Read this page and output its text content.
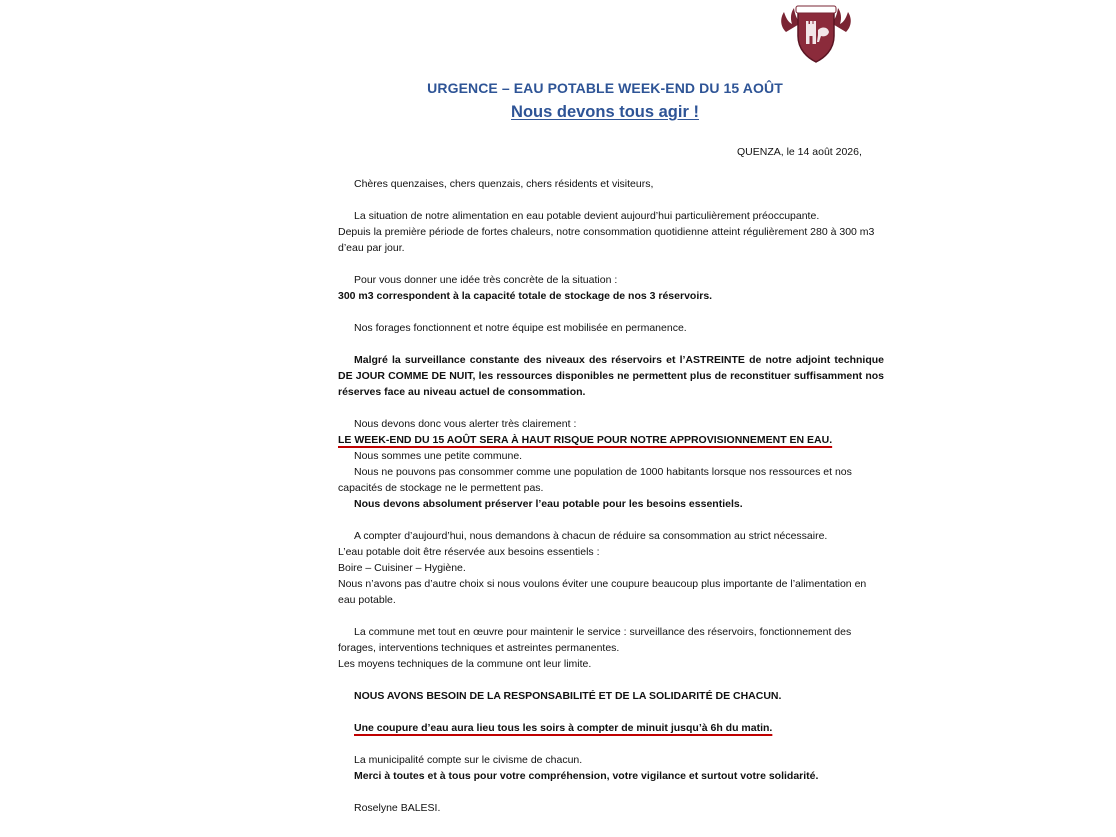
URGENCE – EAU POTABLE WEEK-END DU 15 AOÛT
Nous devons tous agir !
QUENZA, le 14 août 2026,

Chères quenzaises, chers quenzais, chers résidents et visiteurs,

La situation de notre alimentation en eau potable devient aujourd’hui particulièrement préoccupante.

Depuis la première période de fortes chaleurs, notre consommation quotidienne atteint régulièrement 280 à 300 m3 d’eau par jour.

Pour vous donner une idée très concrète de la situation :

300 m3 correspondent à la capacité totale de stockage de nos 3 réservoirs.

Nos forages fonctionnent et notre équipe est mobilisée en permanence.

Malgré la surveillance constante des niveaux des réservoirs et l’ASTREINTE de notre adjoint technique DE JOUR COMME DE NUIT, les ressources disponibles ne permettent plus de reconstituer suffisamment nos réserves face au niveau actuel de consommation.

Nous devons donc vous alerter très clairement :

LE WEEK-END DU 15 AOÛT SERA À HAUT RISQUE POUR NOTRE APPROVISIONNEMENT EN EAU.

Nous sommes une petite commune.

Nous ne pouvons pas consommer comme une population de 1000 habitants lorsque nos ressources et nos capacités de stockage ne le permettent pas.

Nous devons absolument préserver l’eau potable pour les besoins essentiels.

A compter d’aujourd’hui, nous demandons à chacun de réduire sa consommation au strict nécessaire.

L’eau potable doit être réservée aux besoins essentiels :

Boire – Cuisiner – Hygiène.

Nous n’avons pas d’autre choix si nous voulons éviter une coupure beaucoup plus importante de l’alimentation en eau potable.

La commune met tout en œuvre pour maintenir le service : surveillance des réservoirs, fonctionnement des forages, interventions techniques et astreintes permanentes.

Les moyens techniques de la commune ont leur limite.

NOUS AVONS BESOIN DE LA RESPONSABILITÉ ET DE LA SOLIDARITÉ DE CHACUN.

Une coupure d’eau aura lieu tous les soirs à compter de minuit jusqu’à 6h du matin.

La municipalité compte sur le civisme de chacun.

Merci à toutes et à tous pour votre compréhension, votre vigilance et surtout votre solidarité.

Roselyne BALESI.
